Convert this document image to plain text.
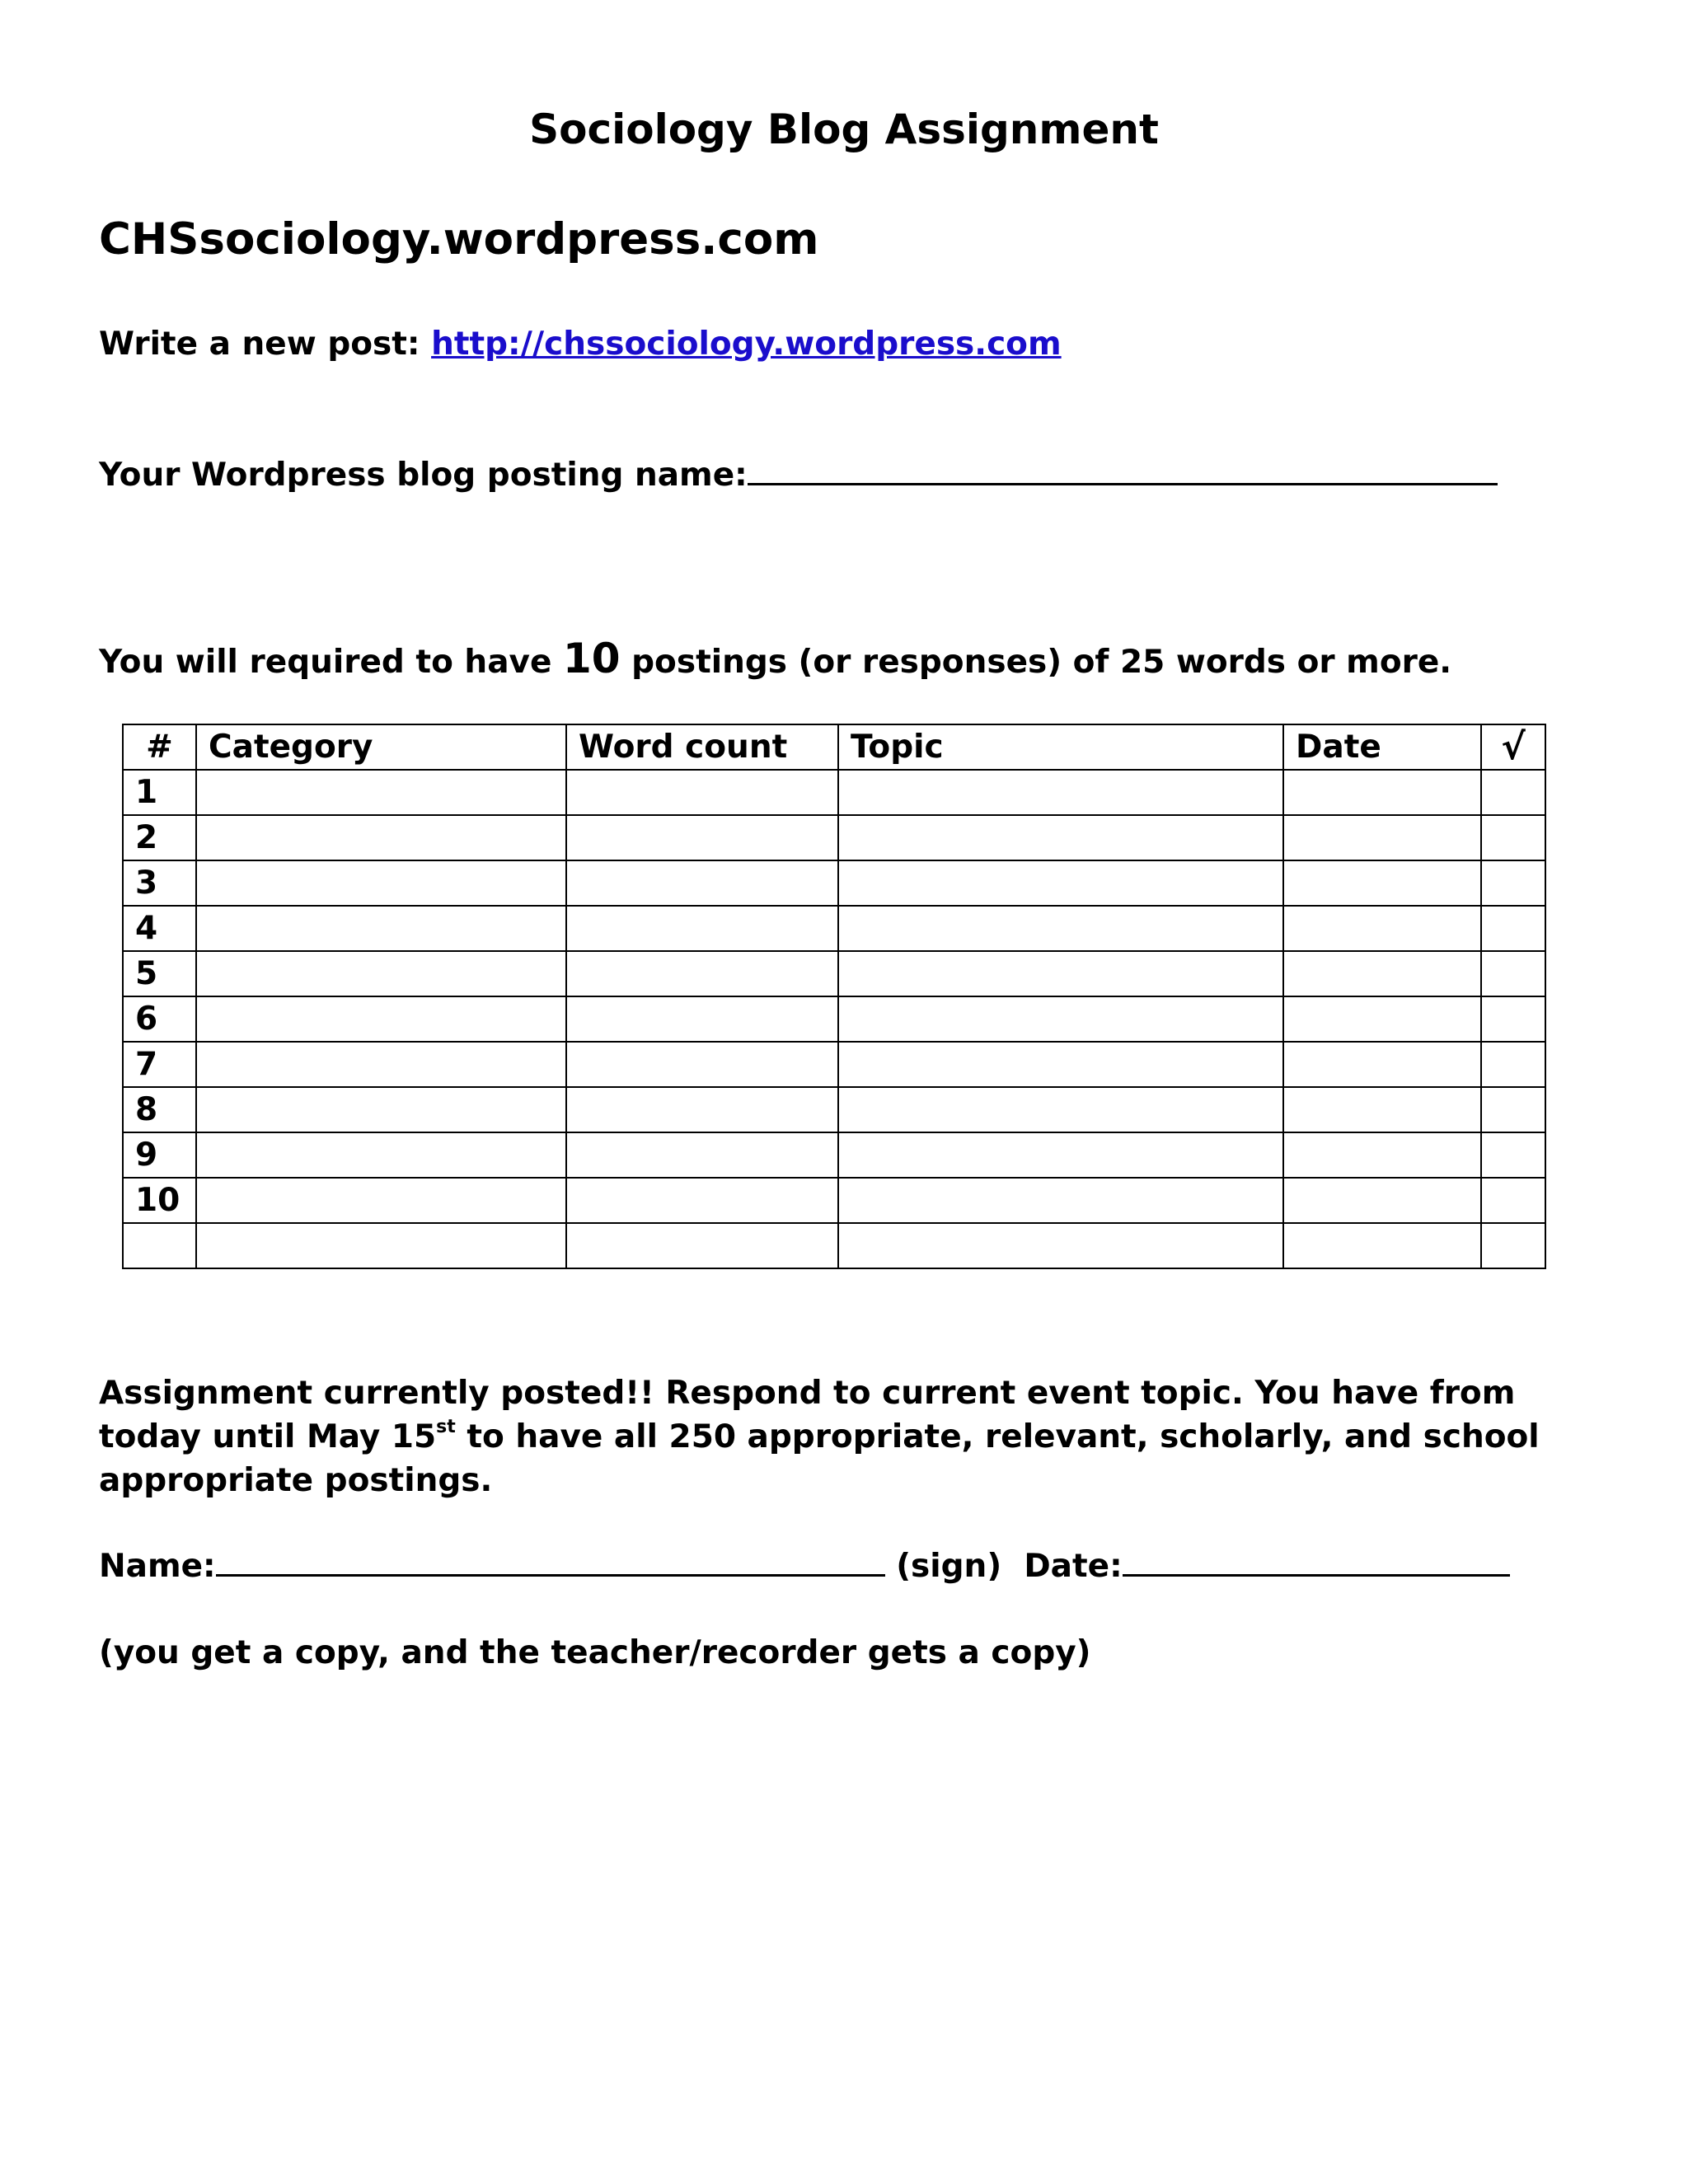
Sociology Blog Assignment
CHSsociology.wordpress.com

Write a new post: http://chssociology.wordpress.com

Your Wordpress blog posting name:

You will required to have 10 postings (or responses) of 25 words or more.

#	Category	Word count	Topic	Date	√
1					
2					
3					
4					
5					
6					
7					
8					
9					
10					

Assignment currently posted!! Respond to current event topic. You have from today until May 15st to have all 250 appropriate, relevant, scholarly, and school appropriate postings.

Name:	(sign) Date:

(you get a copy, and the teacher/recorder gets a copy)
